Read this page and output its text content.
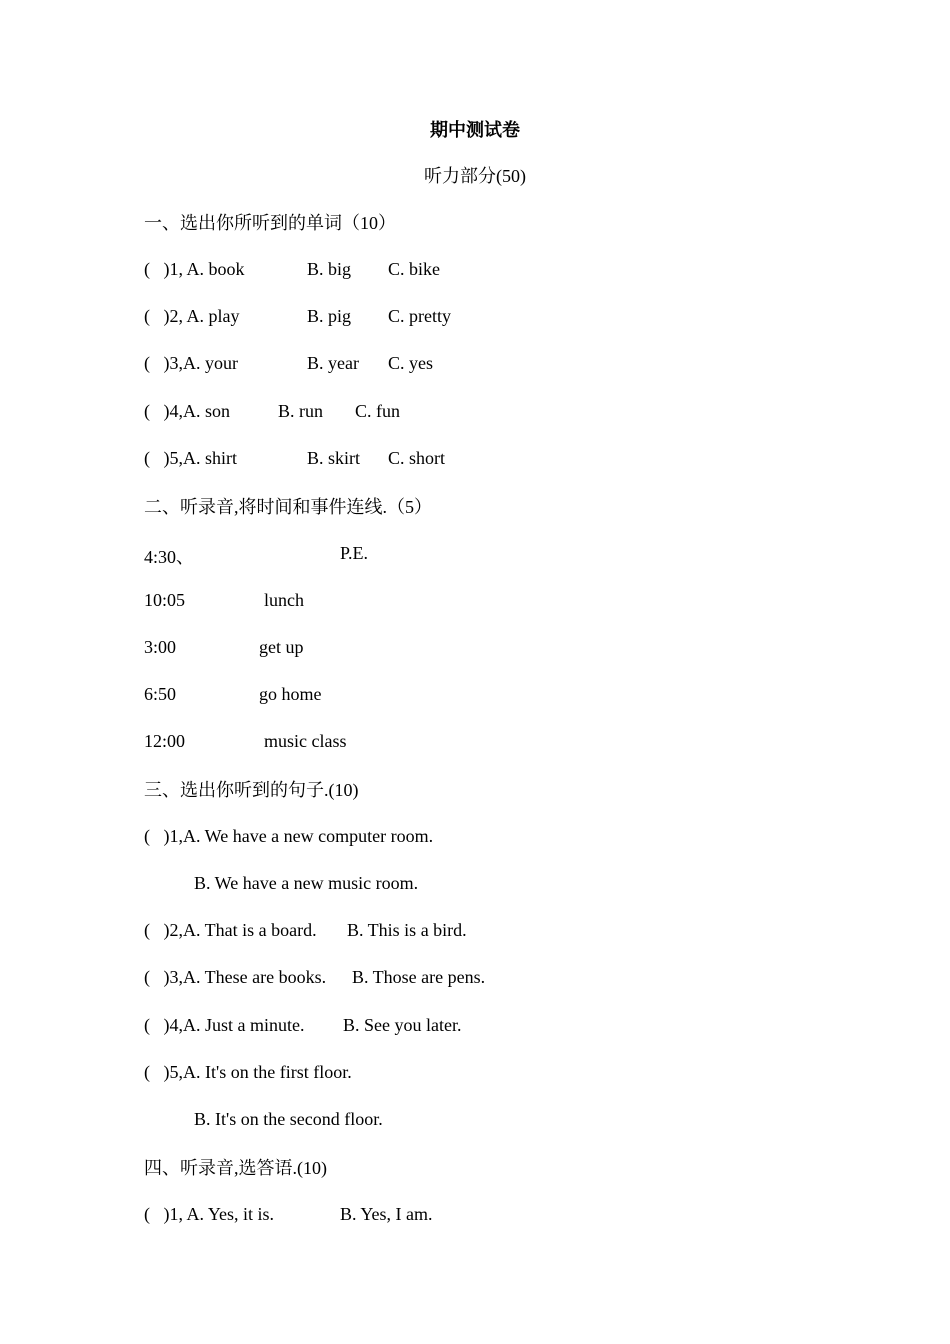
期中测试卷
听力部分(50)
一、选出你所听到的单词（10）
(   )1, A. book	B. big C. bike
(   )2, A. play	B. pig C. pretty
(   )3,A. your	B. year C. yes
(   )4,A. son	B. run C. fun
(   )5,A. shirt	B. skirt C. short
二、听录音,将时间和事件连线.（5）
4:30、	P.E.
10:05	lunch
3:00	get up
6:50	go home
12:00	music class
三、选出你听到的句子.(10)
(   )1,A. We have a new computer room.
B. We have a new music room.
(   )2,A. That is a board. B. This is a bird.
(   )3,A. These are books. B. Those are pens.
(   )4,A. Just a minute. B. See you later.
(   )5,A. It's on the first floor.
B. It's on the second floor.
四、听录音,选答语.(10)
(   )1, A. Yes, it is.	B. Yes, I am.
